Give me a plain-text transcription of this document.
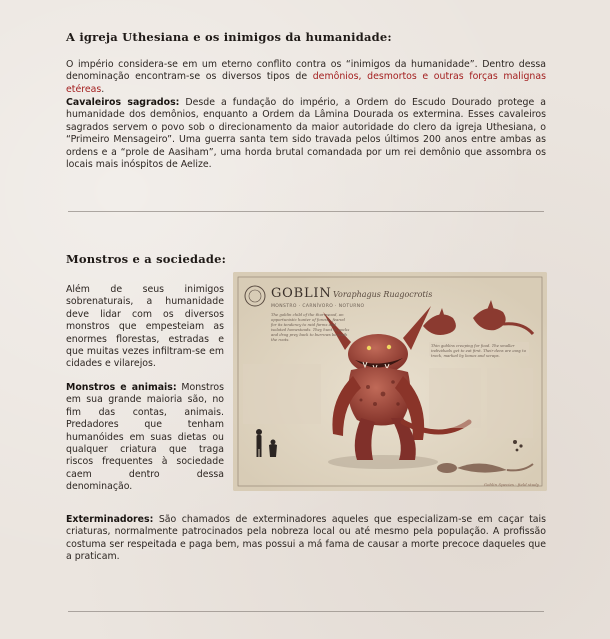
A igreja Uthesiana e os inimigos da humanidade:

O império considera-se em um eterno conflito contra os “inimigos da humanidade”. Dentro dessa denominação encontram-se os diversos tipos de demônios, desmortos e outras forças malignas etéreas.

Cavaleiros sagrados: Desde a fundação do império, a Ordem do Escudo Dourado protege a humanidade dos demônios, enquanto a Ordem da Lâmina Dourada os extermina. Esses cavaleiros sagrados servem o povo sob o direcionamento da maior autoridade do clero da igreja Uthesiana, o “Primeiro Mensageiro”. Uma guerra santa tem sido travada pelos últimos 200 anos entre ambas as ordens e a “prole de Aasiham”, uma horda brutal comandada por um rei demônio que assombra os locais mais inóspitos de Aelize.

Monstros e a sociedade:

Além de seus inimigos sobrenaturais, a humanidade deve lidar com os diversos monstros que empesteiam as enormes florestas, estradas e que muitas vezes infiltram-se em cidades e vilarejos.

Monstros e animais: Monstros em sua grande maioria são, no fim das contas, animais. Predadores que tenham humanóides em suas dietas ou qualquer criatura que traga riscos frequentes à sociedade caem dentro dessa denominação.

GOBLIN Voraphagus Ruagocrotis
MONSTRO · CARNÍVORO · NOTURNO
The goblin child of the thornwood, an opportunistic hunter of forests, feared for its tendency to raid farms and isolated homesteads. They hunt in packs and drag prey back to burrows beneath the roots.
Thin goblins creeping for food. The smaller individuals get to eat first. Their dens are easy to track, marked by bones and scraps.
Goblin Species · field study

Exterminadores: São chamados de exterminadores aqueles que especializam-se em caçar tais criaturas, normalmente patrocinados pela nobreza local ou até mesmo pela população. A profissão costuma ser respeitada e paga bem, mas possui a má fama de causar a morte precoce daqueles que a praticam.
